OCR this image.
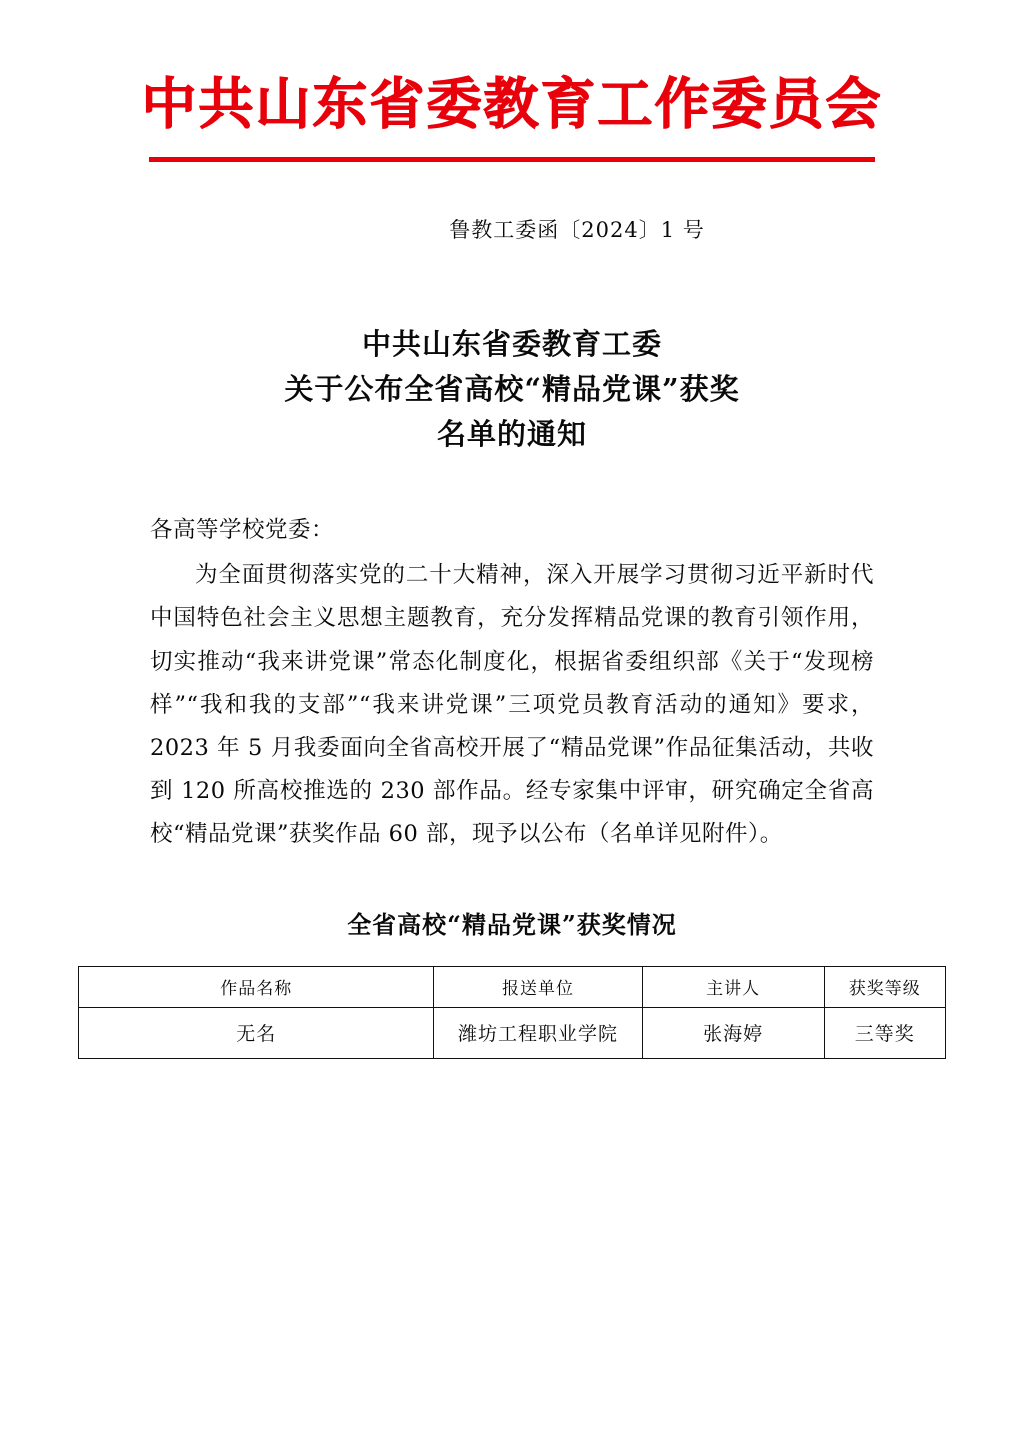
中共山东省委教育工作委员会
鲁教工委函〔2024〕1 号
中共山东省委教育工委
关于公布全省高校“精品党课”获奖
名单的通知
各高等学校党委：
为全面贯彻落实党的二十大精神，深入开展学习贯彻习近平新时代中国特色社会主义思想主题教育，充分发挥精品党课的教育引领作用，切实推动“我来讲党课”常态化制度化，根据省委组织部《关于“发现榜样”“我和我的支部”“我来讲党课”三项党员教育活动的通知》要求，2023 年 5 月我委面向全省高校开展了“精品党课”作品征集活动，共收到 120 所高校推选的 230 部作品。经专家集中评审，研究确定全省高校“精品党课”获奖作品 60 部，现予以公布（名单详见附件）。
全省高校“精品党课”获奖情况
作品名称	报送单位	主讲人	获奖等级
无名	潍坊工程职业学院	张海婷	三等奖
